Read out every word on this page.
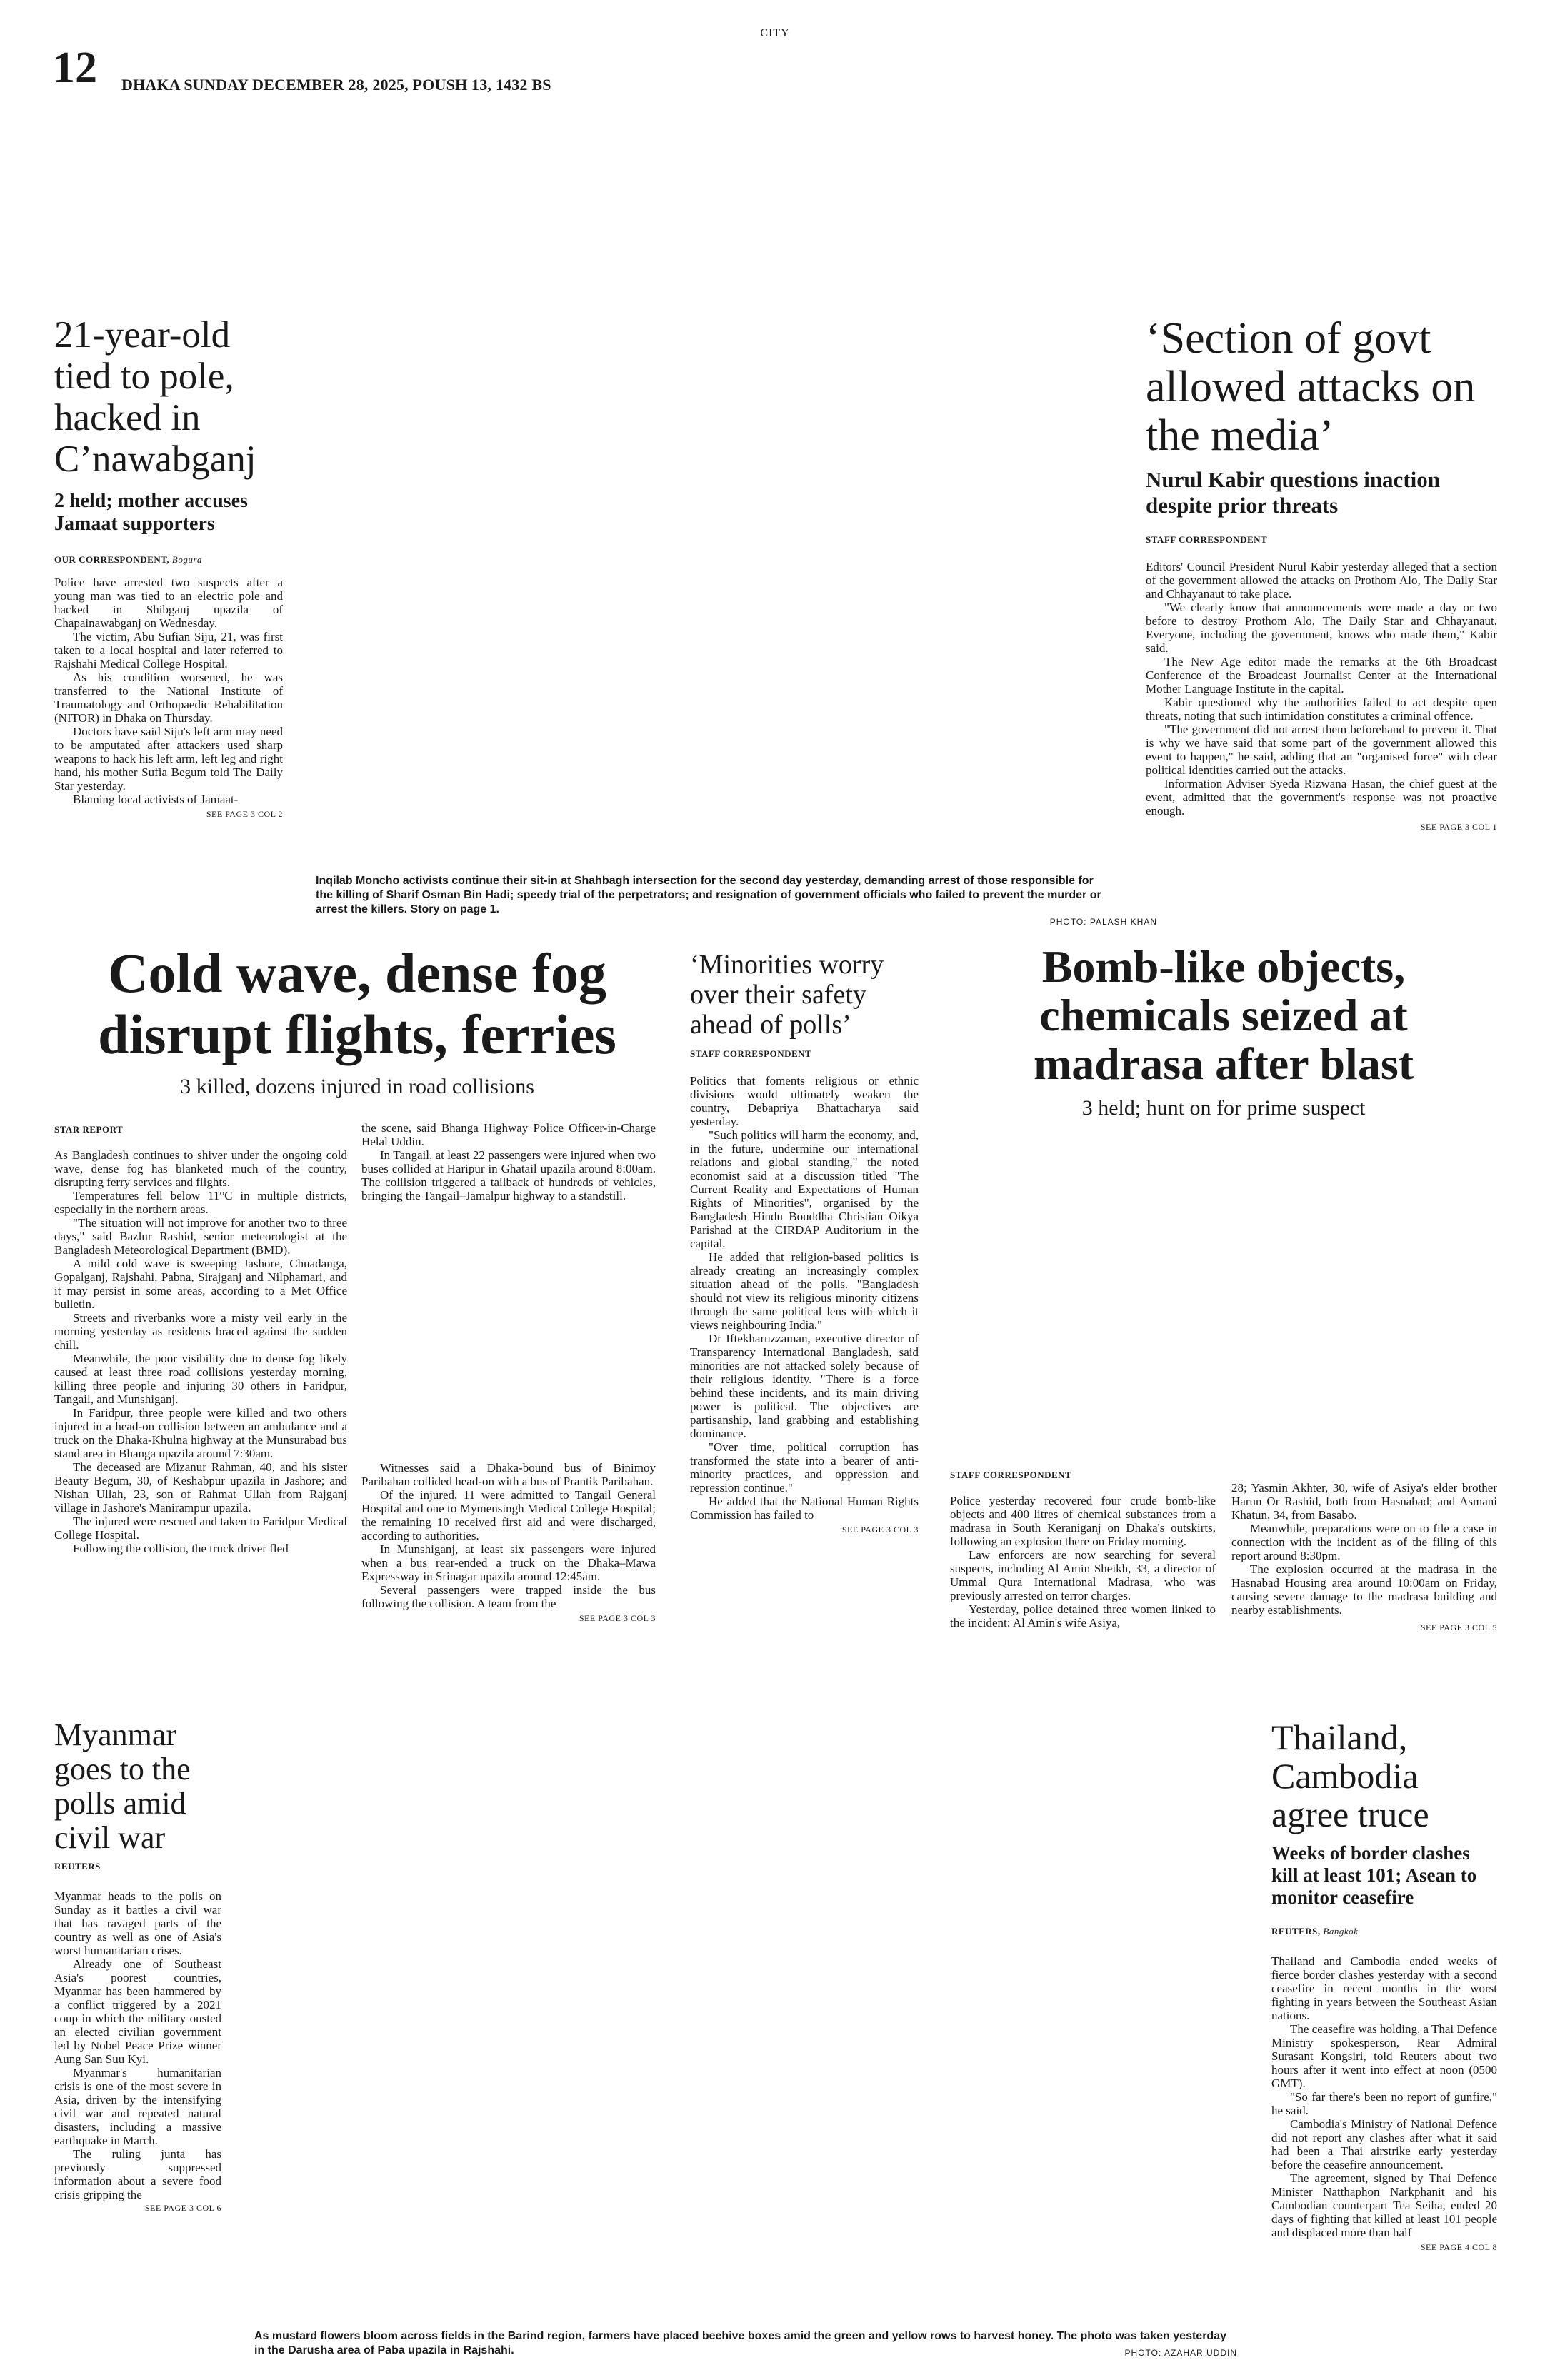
CITY
12 DHAKA SUNDAY DECEMBER 28, 2025, POUSH 13, 1432 BS
21-year-old tied to pole, hacked in C’nawabganj
2 held; mother accuses Jamaat supporters
OUR CORRESPONDENT, Bogura

Police have arrested two suspects after a young man was tied to an electric pole and hacked in Shibganj upazila of Chapainawabganj on Wednesday.

The victim, Abu Sufian Siju, 21, was first taken to a local hospital and later referred to Rajshahi Medical College Hospital.

As his condition worsened, he was transferred to the National Institute of Traumatology and Orthopaedic Rehabilitation (NITOR) in Dhaka on Thursday.

Doctors have said Siju's left arm may need to be amputated after attackers used sharp weapons to hack his left arm, left leg and right hand, his mother Sufia Begum told The Daily Star yesterday.

Blaming local activists of Jamaat-

SEE PAGE 3 COL 2
Inqilab Moncho activists continue their sit-in at Shahbagh intersection for the second day yesterday, demanding arrest of those responsible for the killing of Sharif Osman Bin Hadi; speedy trial of the perpetrators; and resignation of government officials who failed to prevent the murder or arrest the killers. Story on page 1.
PHOTO: PALASH KHAN
‘Section of govt allowed attacks on the media’
Nurul Kabir questions inaction despite prior threats
STAFF CORRESPONDENT

Editors' Council President Nurul Kabir yesterday alleged that a section of the government allowed the attacks on Prothom Alo, The Daily Star and Chhayanaut to take place.

"We clearly know that announcements were made a day or two before to destroy Prothom Alo, The Daily Star and Chhayanaut. Everyone, including the government, knows who made them," Kabir said.

The New Age editor made the remarks at the 6th Broadcast Conference of the Broadcast Journalist Center at the International Mother Language Institute in the capital.

Kabir questioned why the authorities failed to act despite open threats, noting that such intimidation constitutes a criminal offence.

"The government did not arrest them beforehand to prevent it. That is why we have said that some part of the government allowed this event to happen," he said, adding that an "organised force" with clear political identities carried out the attacks.

Information Adviser Syeda Rizwana Hasan, the chief guest at the event, admitted that the government's response was not proactive enough.

SEE PAGE 3 COL 1
Cold wave, dense fog disrupt flights, ferries
3 killed, dozens injured in road collisions
STAR REPORT

As Bangladesh continues to shiver under the ongoing cold wave, dense fog has blanketed much of the country, disrupting ferry services and flights.

Temperatures fell below 11°C in multiple districts, especially in the northern areas.

"The situation will not improve for another two to three days," said Bazlur Rashid, senior meteorologist at the Bangladesh Meteorological Department (BMD).

A mild cold wave is sweeping Jashore, Chuadanga, Gopalganj, Rajshahi, Pabna, Sirajganj and Nilphamari, and it may persist in some areas, according to a Met Office bulletin.

Streets and riverbanks wore a misty veil early in the morning yesterday as residents braced against the sudden chill.

Meanwhile, the poor visibility due to dense fog likely caused at least three road collisions yesterday morning, killing three people and injuring 30 others in Faridpur, Tangail, and Munshiganj.

In Faridpur, three people were killed and two others injured in a head-on collision between an ambulance and a truck on the Dhaka-Khulna highway at the Munsurabad bus stand area in Bhanga upazila around 7:30am.

The deceased are Mizanur Rahman, 40, and his sister Beauty Begum, 30, of Keshabpur upazila in Jashore; and Nishan Ullah, 23, son of Rahmat Ullah from Rajganj village in Jashore's Manirampur upazila.

The injured were rescued and taken to Faridpur Medical College Hospital.

Following the collision, the truck driver fled

the scene, said Bhanga Highway Police Officer-in-Charge Helal Uddin.

In Tangail, at least 22 passengers were injured when two buses collided at Haripur in Ghatail upazila around 8:00am. The collision triggered a tailback of hundreds of vehicles, bringing the Tangail–Jamalpur highway to a standstill.

Witnesses said a Dhaka-bound bus of Binimoy Paribahan collided head-on with a bus of Prantik Paribahan.

Of the injured, 11 were admitted to Tangail General Hospital and one to Mymensingh Medical College Hospital; the remaining 10 received first aid and were discharged, according to authorities.

In Munshiganj, at least six passengers were injured when a bus rear-ended a truck on the Dhaka–Mawa Expressway in Srinagar upazila around 12:45am.

Several passengers were trapped inside the bus following the collision. A team from the

SEE PAGE 3 COL 3
‘Minorities worry over their safety ahead of polls’
STAFF CORRESPONDENT

Politics that foments religious or ethnic divisions would ultimately weaken the country, Debapriya Bhattacharya said yesterday.

"Such politics will harm the economy, and, in the future, undermine our international relations and global standing," the noted economist said at a discussion titled "The Current Reality and Expectations of Human Rights of Minorities", organised by the Bangladesh Hindu Bouddha Christian Oikya Parishad at the CIRDAP Auditorium in the capital.

He added that religion-based politics is already creating an increasingly complex situation ahead of the polls. "Bangladesh should not view its religious minority citizens through the same political lens with which it views neighbouring India."

Dr Iftekharuzzaman, executive director of Transparency International Bangladesh, said minorities are not attacked solely because of their religious identity. "There is a force behind these incidents, and its main driving power is political. The objectives are partisanship, land grabbing and establishing dominance.

"Over time, political corruption has transformed the state into a bearer of anti-minority practices, and oppression and repression continue."

He added that the National Human Rights Commission has failed to

SEE PAGE 3 COL 3
Bomb-like objects, chemicals seized at madrasa after blast
3 held; hunt on for prime suspect
STAFF CORRESPONDENT

Police yesterday recovered four crude bomb-like objects and 400 litres of chemical substances from a madrasa in South Keraniganj on Dhaka's outskirts, following an explosion there on Friday morning.

Law enforcers are now searching for several suspects, including Al Amin Sheikh, 33, a director of Ummal Qura International Madrasa, who was previously arrested on terror charges.

Yesterday, police detained three women linked to the incident: Al Amin's wife Asiya,

28; Yasmin Akhter, 30, wife of Asiya's elder brother Harun Or Rashid, both from Hasnabad; and Asmani Khatun, 34, from Basabo.

Meanwhile, preparations were on to file a case in connection with the incident as of the filing of this report around 8:30pm.

The explosion occurred at the madrasa in the Hasnabad Housing area around 10:00am on Friday, causing severe damage to the madrasa building and nearby establishments.

SEE PAGE 3 COL 5
Myanmar goes to the polls amid civil war
REUTERS

Myanmar heads to the polls on Sunday as it battles a civil war that has ravaged parts of the country as well as one of Asia's worst humanitarian crises.

Already one of Southeast Asia's poorest countries, Myanmar has been hammered by a conflict triggered by a 2021 coup in which the military ousted an elected civilian government led by Nobel Peace Prize winner Aung San Suu Kyi.

Myanmar's humanitarian crisis is one of the most severe in Asia, driven by the intensifying civil war and repeated natural disasters, including a massive earthquake in March.

The ruling junta has previously suppressed information about a severe food crisis gripping the

SEE PAGE 3 COL 6
As mustard flowers bloom across fields in the Barind region, farmers have placed beehive boxes amid the green and yellow rows to harvest honey. The photo was taken yesterday in the Darusha area of Paba upazila in Rajshahi.	PHOTO: AZAHAR UDDIN
Thailand, Cambodia agree truce
Weeks of border clashes kill at least 101; Asean to monitor ceasefire
REUTERS, Bangkok

Thailand and Cambodia ended weeks of fierce border clashes yesterday with a second ceasefire in recent months in the worst fighting in years between the Southeast Asian nations.

The ceasefire was holding, a Thai Defence Ministry spokesperson, Rear Admiral Surasant Kongsiri, told Reuters about two hours after it went into effect at noon (0500 GMT).

"So far there's been no report of gunfire," he said.

Cambodia's Ministry of National Defence did not report any clashes after what it said had been a Thai airstrike early yesterday before the ceasefire announcement.

The agreement, signed by Thai Defence Minister Natthaphon Narkphanit and his Cambodian counterpart Tea Seiha, ended 20 days of fighting that killed at least 101 people and displaced more than half

SEE PAGE 4 COL 8
